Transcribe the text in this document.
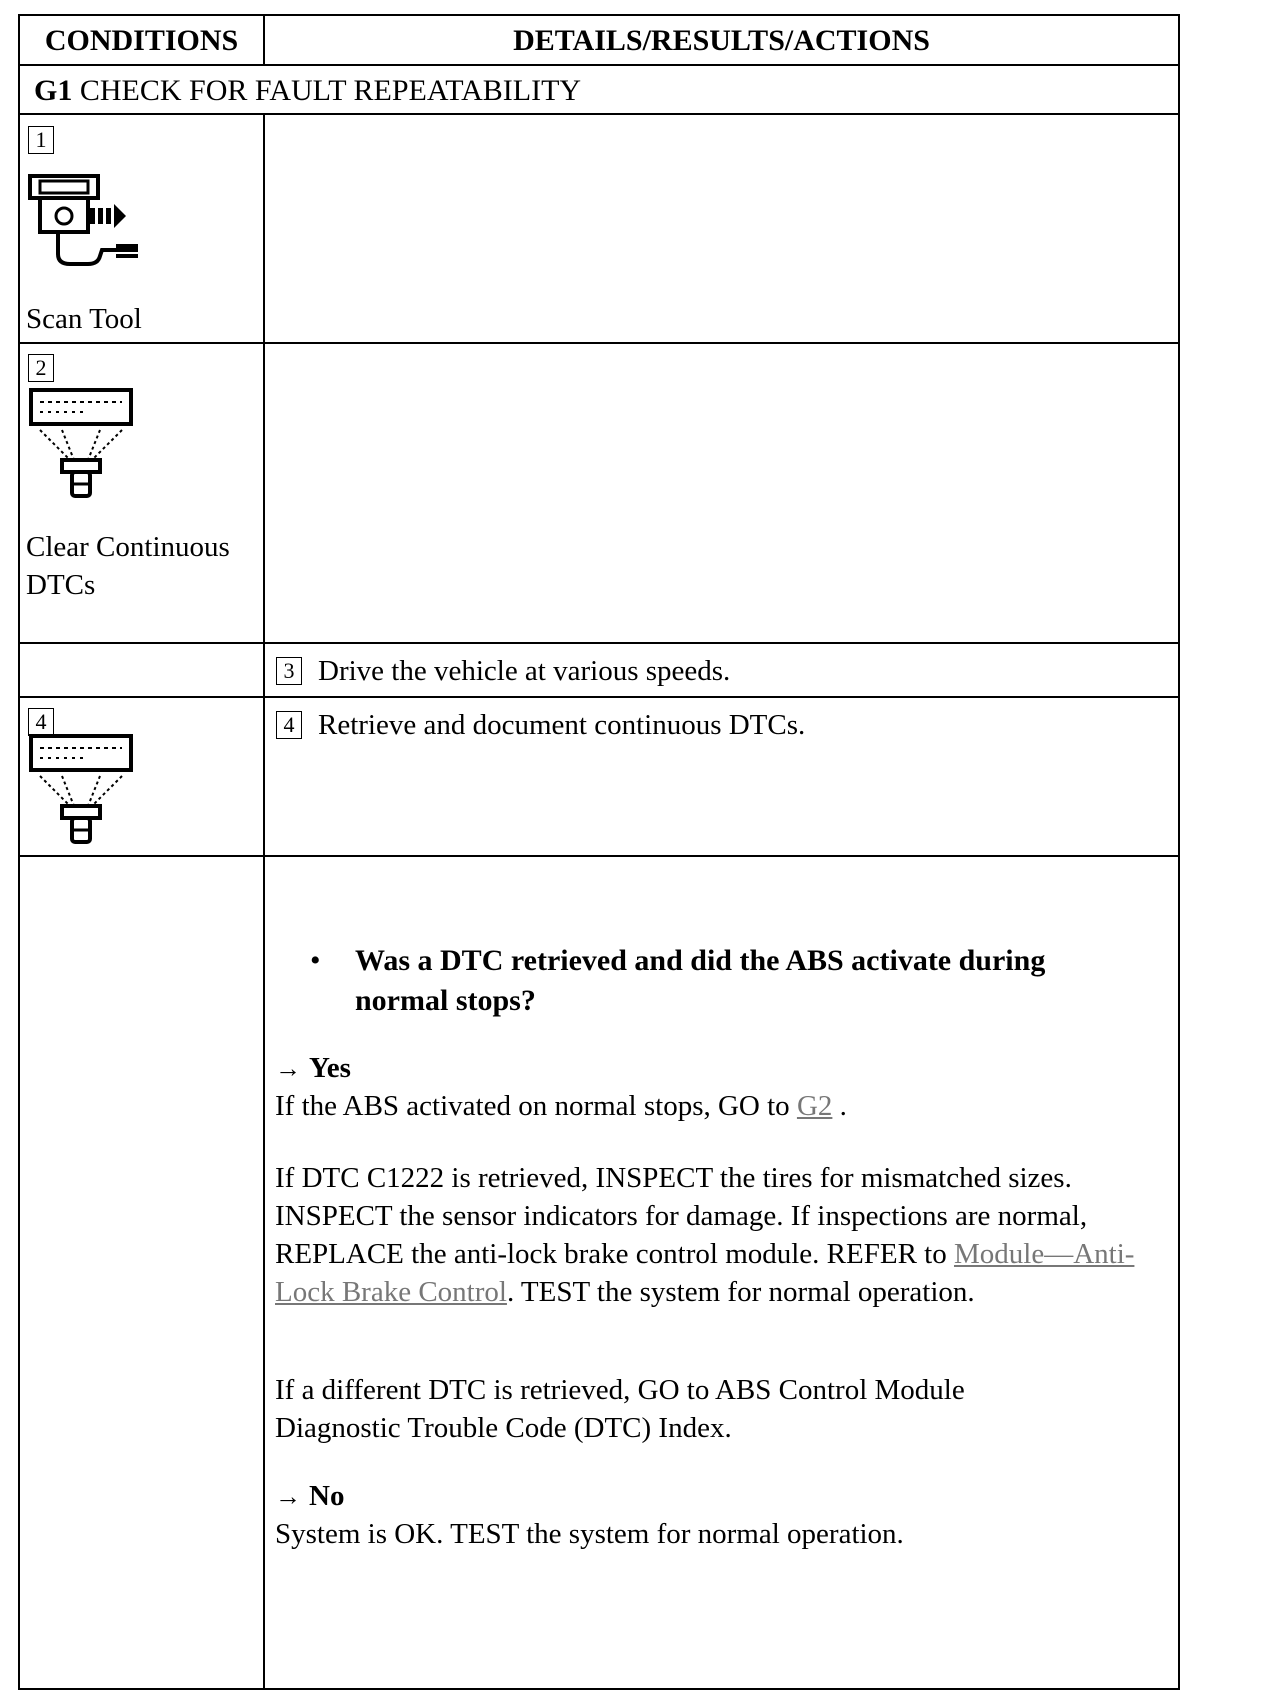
CONDITIONS	DETAILS/RESULTS/ACTIONS
G1 CHECK FOR FAULT REPEATABILITY
1
Scan Tool
2
Clear Continuous DTCs
3 Drive the vehicle at various speeds.
4	4 Retrieve and document continuous DTCs.
• Was a DTC retrieved and did the ABS activate during normal stops?
→ Yes
If the ABS activated on normal stops, GO to G2 .
If DTC C1222 is retrieved, INSPECT the tires for mismatched sizes. INSPECT the sensor indicators for damage. If inspections are normal, REPLACE the anti-lock brake control module. REFER to Module—Anti-Lock Brake Control. TEST the system for normal operation.
If a different DTC is retrieved, GO to ABS Control Module Diagnostic Trouble Code (DTC) Index.
→ No
System is OK. TEST the system for normal operation.
